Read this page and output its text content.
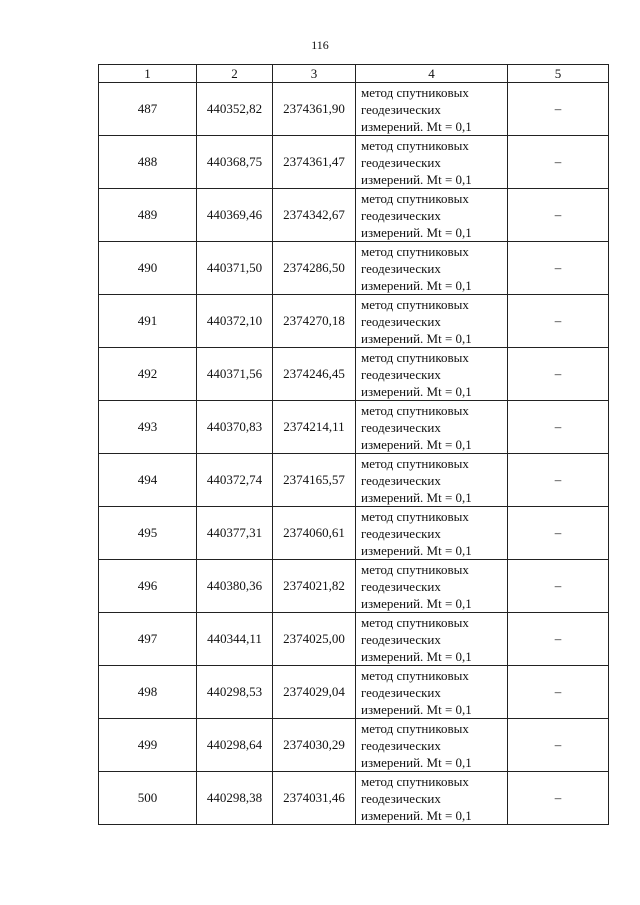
116
1	2	3	4	5
487	440352,82	2374361,90	метод спутниковых
геодезических
измерений. Mt = 0,1	–
488	440368,75	2374361,47	метод спутниковых
геодезических
измерений. Mt = 0,1	–
489	440369,46	2374342,67	метод спутниковых
геодезических
измерений. Mt = 0,1	–
490	440371,50	2374286,50	метод спутниковых
геодезических
измерений. Mt = 0,1	–
491	440372,10	2374270,18	метод спутниковых
геодезических
измерений. Mt = 0,1	–
492	440371,56	2374246,45	метод спутниковых
геодезических
измерений. Mt = 0,1	–
493	440370,83	2374214,11	метод спутниковых
геодезических
измерений. Mt = 0,1	–
494	440372,74	2374165,57	метод спутниковых
геодезических
измерений. Mt = 0,1	–
495	440377,31	2374060,61	метод спутниковых
геодезических
измерений. Mt = 0,1	–
496	440380,36	2374021,82	метод спутниковых
геодезических
измерений. Mt = 0,1	–
497	440344,11	2374025,00	метод спутниковых
геодезических
измерений. Mt = 0,1	–
498	440298,53	2374029,04	метод спутниковых
геодезических
измерений. Mt = 0,1	–
499	440298,64	2374030,29	метод спутниковых
геодезических
измерений. Mt = 0,1	–
500	440298,38	2374031,46	метод спутниковых
геодезических
измерений. Mt = 0,1	–
